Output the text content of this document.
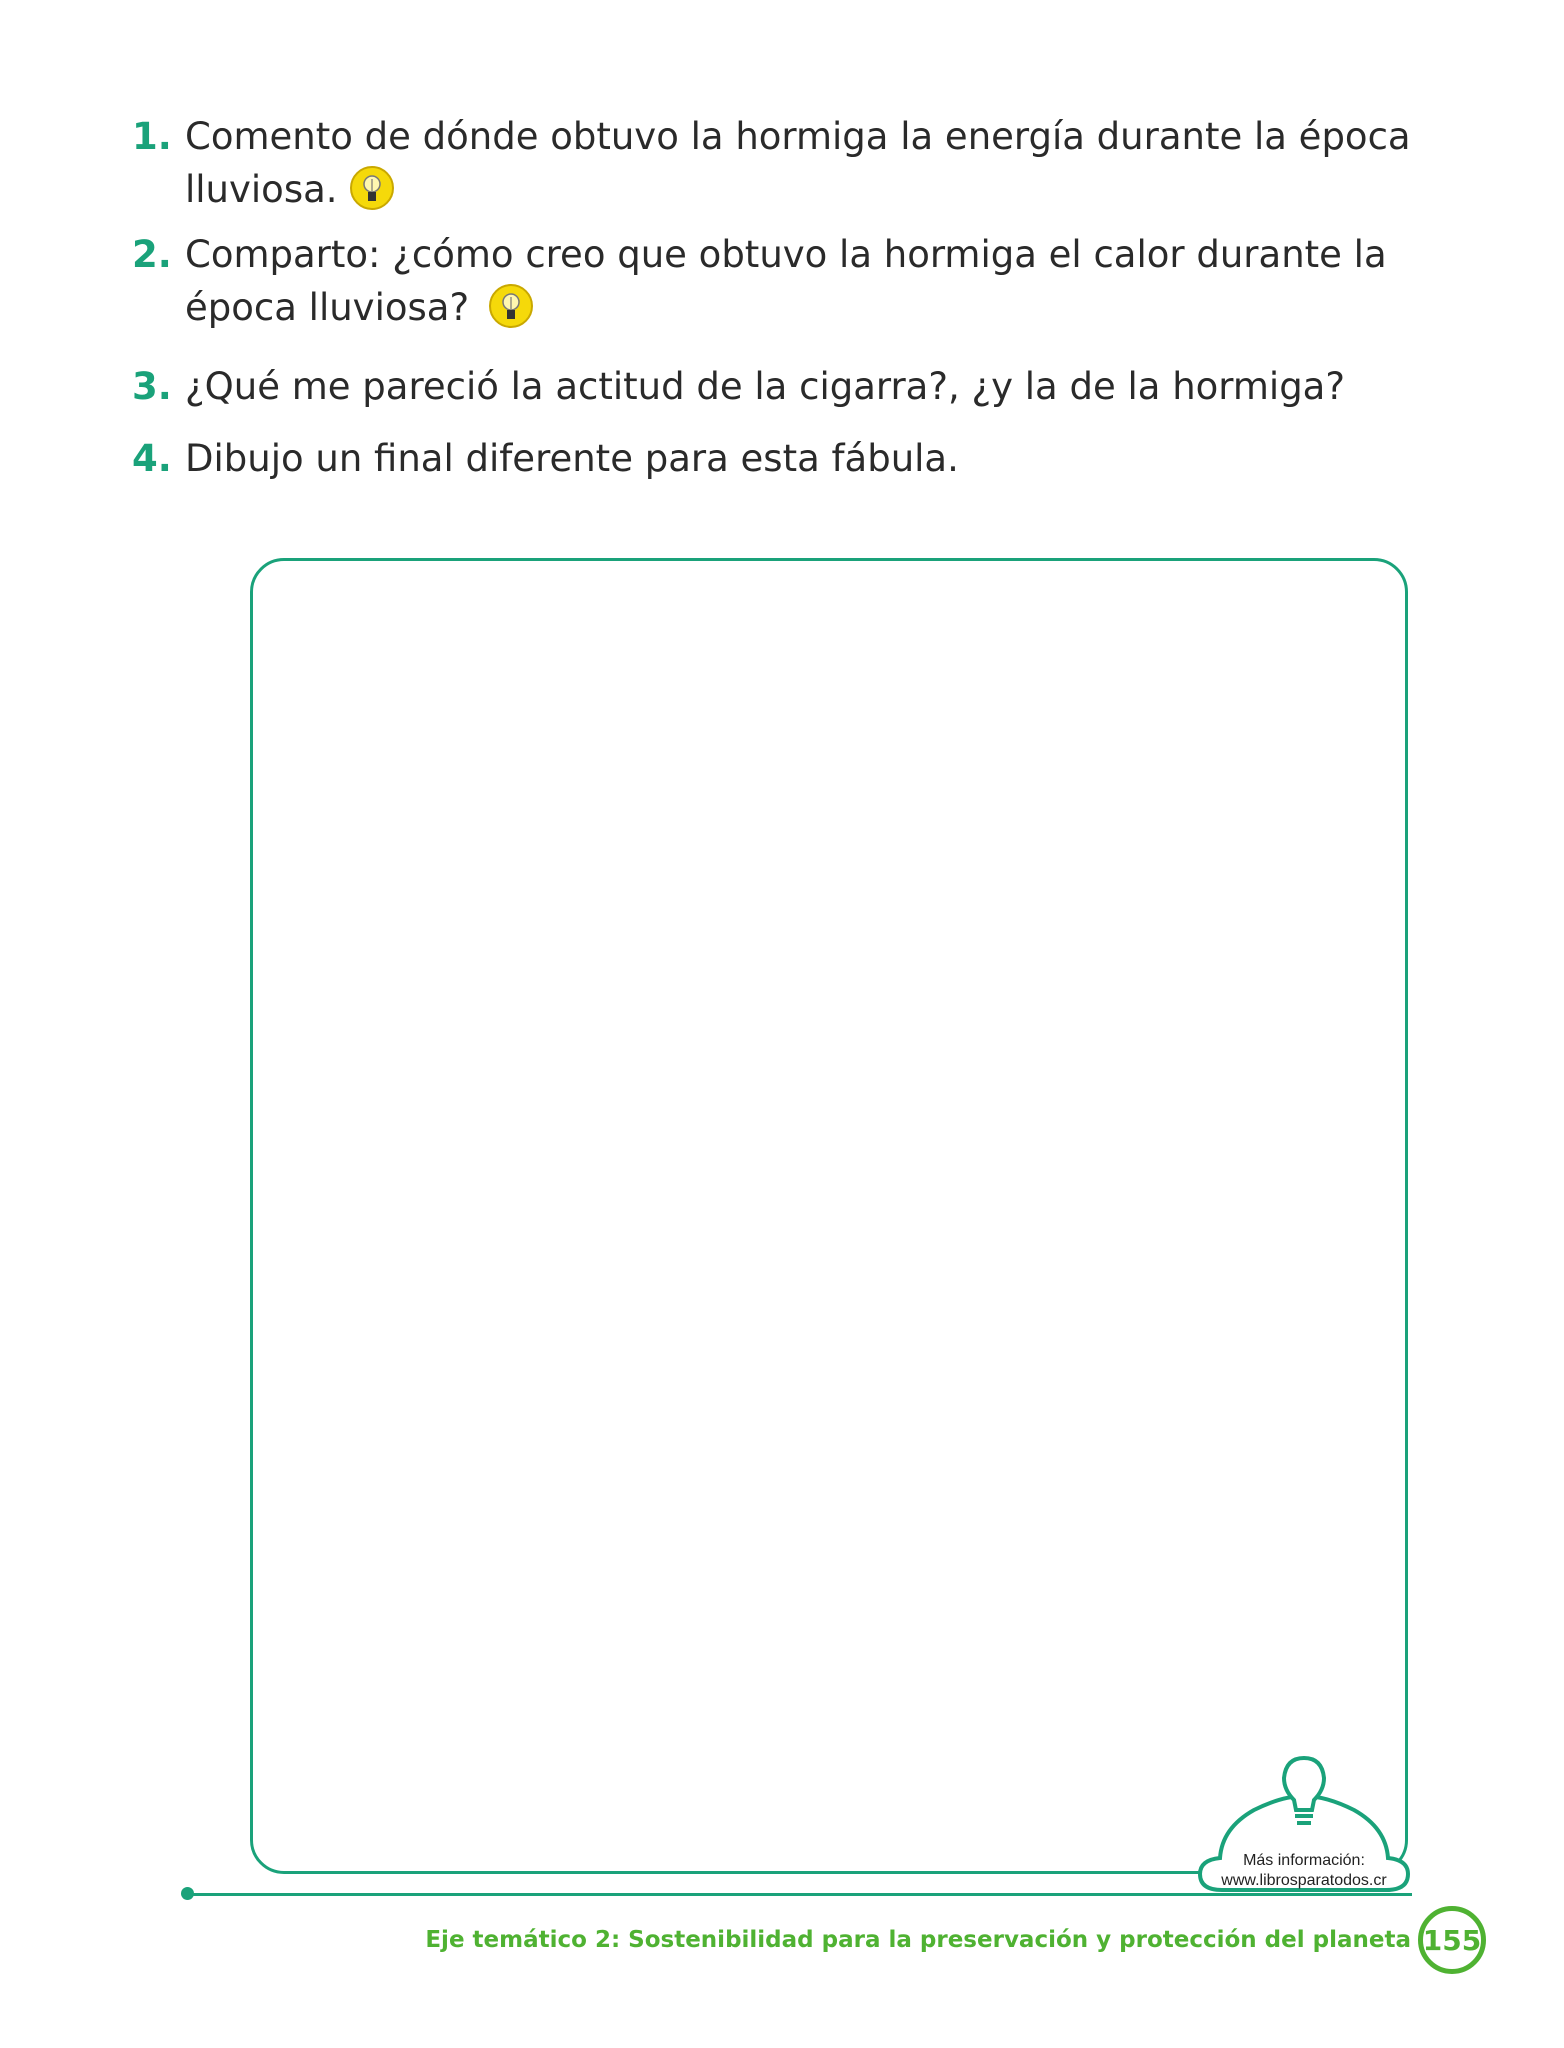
1. Comento de dónde obtuvo la hormiga la energía durante la época lluviosa.
2. Comparto: ¿cómo creo que obtuvo la hormiga el calor durante la época lluviosa?
3. ¿Qué me pareció la actitud de la cigarra?, ¿y la de la hormiga?
4. Dibujo un final diferente para esta fábula.
Más información:
www.librosparatodos.cr
Eje temático 2: Sostenibilidad para la preservación y protección del planeta 155
